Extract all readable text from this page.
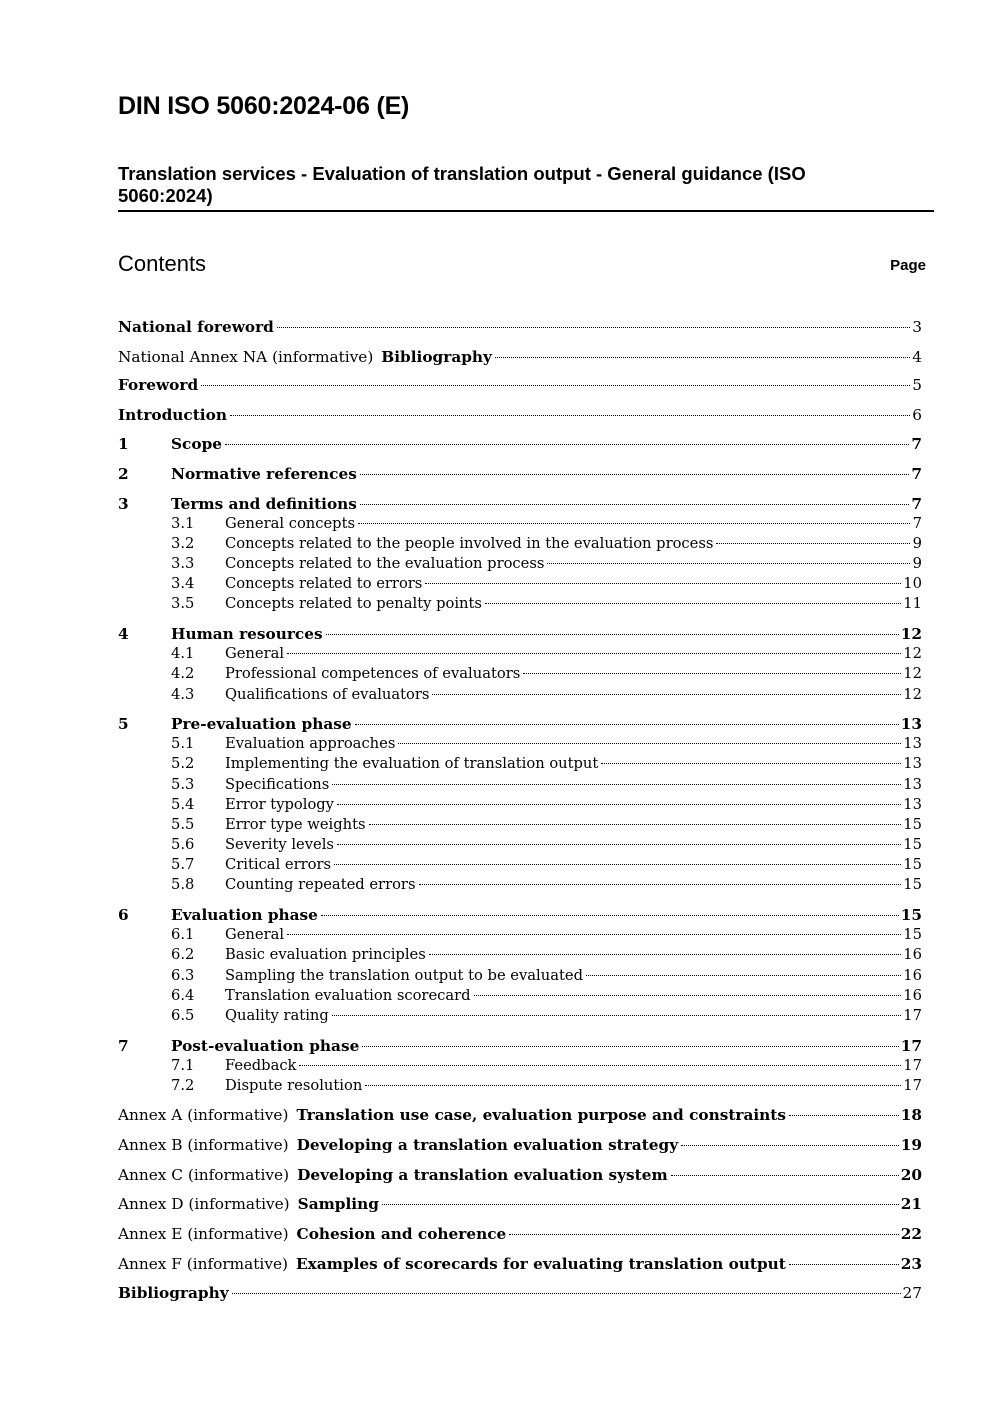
DIN ISO 5060:2024-06 (E)
Translation services - Evaluation of translation output - General guidance (ISO 5060:2024)
Contents	Page
National foreword	3
National Annex NA (informative) Bibliography	4
Foreword	5
Introduction	6
1	Scope	7
2	Normative references	7
3	Terms and definitions	7
3.1	General concepts	7
3.2	Concepts related to the people involved in the evaluation process	9
3.3	Concepts related to the evaluation process	9
3.4	Concepts related to errors	10
3.5	Concepts related to penalty points	11
4	Human resources	12
4.1	General	12
4.2	Professional competences of evaluators	12
4.3	Qualifications of evaluators	12
5	Pre-evaluation phase	13
5.1	Evaluation approaches	13
5.2	Implementing the evaluation of translation output	13
5.3	Specifications	13
5.4	Error typology	13
5.5	Error type weights	15
5.6	Severity levels	15
5.7	Critical errors	15
5.8	Counting repeated errors	15
6	Evaluation phase	15
6.1	General	15
6.2	Basic evaluation principles	16
6.3	Sampling the translation output to be evaluated	16
6.4	Translation evaluation scorecard	16
6.5	Quality rating	17
7	Post-evaluation phase	17
7.1	Feedback	17
7.2	Dispute resolution	17
Annex A (informative) Translation use case, evaluation purpose and constraints	18
Annex B (informative) Developing a translation evaluation strategy	19
Annex C (informative) Developing a translation evaluation system	20
Annex D (informative) Sampling	21
Annex E (informative) Cohesion and coherence	22
Annex F (informative) Examples of scorecards for evaluating translation output	23
Bibliography	27
